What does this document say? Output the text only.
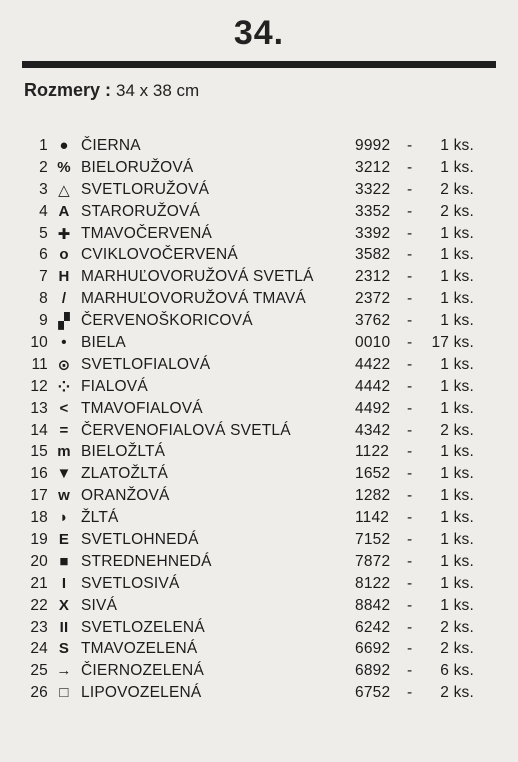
34.
Rozmery : 34 x 38 cm
1 ● ČIERNA	9992 - 1 ks.
2 % BIELORUŽOVÁ	3212 - 1 ks.
3 △ SVETLORUŽOVÁ	3322 - 2 ks.
4 A STARORUŽOVÁ	3352 - 2 ks.
5 ✚ TMAVOČERVENÁ	3392 - 1 ks.
6 o CVIKLOVOČERVENÁ	3582 - 1 ks.
7 H MARHUĽOVORUŽOVÁ SVETLÁ	2312 - 1 ks.
8 / MARHUĽOVORUŽOVÁ TMAVÁ	2372 - 1 ks.
9 ▞ ČERVENOŠKORICOVÁ	3762 - 1 ks.
10 • BIELA	0010 - 17 ks.
11 ⊙ SVETLOFIALOVÁ	4422 - 1 ks.
12 ⁘ FIALOVÁ	4442 - 1 ks.
13 < TMAVOFIALOVÁ	4492 - 1 ks.
14 = ČERVENOFIALOVÁ SVETLÁ	4342 - 2 ks.
15 m BIELOŽLTÁ	1122 - 1 ks.
16 ▼ ZLATOŽLTÁ	1652 - 1 ks.
17 w ORANŽOVÁ	1282 - 1 ks.
18 ◗ ŽLTÁ	1142 - 1 ks.
19 E SVETLOHNEDÁ	7152 - 1 ks.
20 ■ STREDNEHNEDÁ	7872 - 1 ks.
21 I SVETLOSIVÁ	8122 - 1 ks.
22 X SIVÁ	8842 - 1 ks.
23 II SVETLOZELENÁ	6242 - 2 ks.
24 S TMAVOZELENÁ	6692 - 2 ks.
25 → ČIERNOZELENÁ	6892 - 6 ks.
26 □ LIPOVOZELENÁ	6752 - 2 ks.
